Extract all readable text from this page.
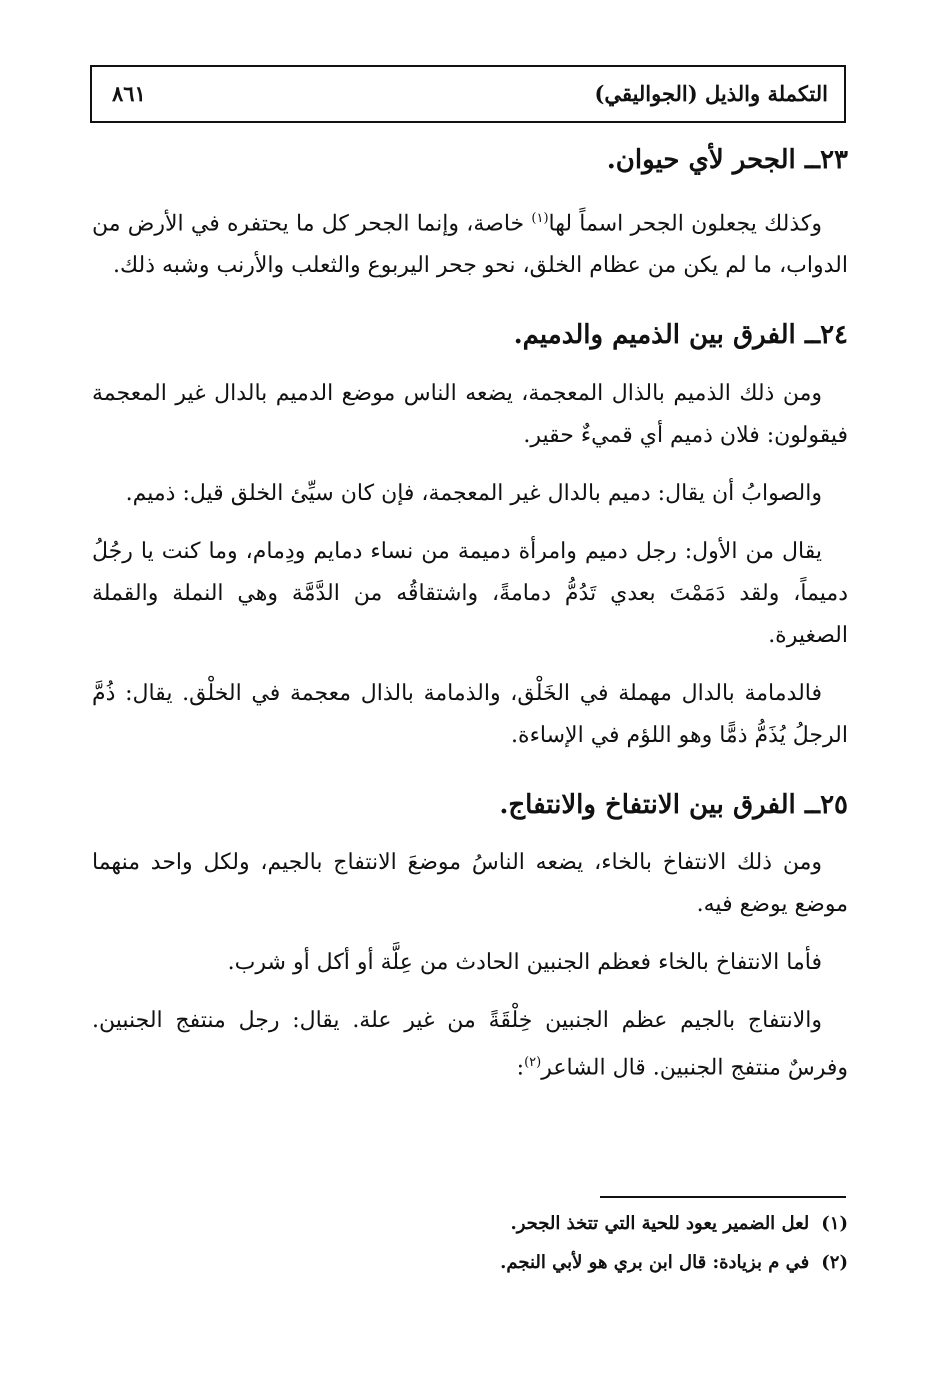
التكملة والذيل (الجواليقي)
٨٦١
٢٣ــ الجحر لأي حيوان.

وكذلك يجعلون الجحر اسماً لها$^{(١)}$ خاصة، وإنما الجحر كل ما يحتفره في الأرض من الدواب، ما لم يكن من عظام الخلق، نحو جحر اليربوع والثعلب والأرنب وشبه ذلك.

٢٤ــ الفرق بين الذميم والدميم.

ومن ذلك الذميم بالذال المعجمة، يضعه الناس موضع الدميم بالدال غير المعجمة فيقولون: فلان ذميم أي قميءٌ حقير.

والصوابُ أن يقال: دميم بالدال غير المعجمة، فإن كان سيِّئ الخلق قيل: ذميم.

يقال من الأول: رجل دميم وامرأة دميمة من نساء دمايم ودِمام، وما كنت يا رجُلُ دميماً، ولقد دَمَمْتَ بعدي تَدُمُّ دمامةً، واشتقاقُه من الدَّمَّة وهي النملة والقملة الصغيرة.

فالدمامة بالدال مهملة في الخَلْق، والذمامة بالذال معجمة في الخلْق. يقال: ذُمَّ الرجلُ يُذَمُّ ذمًّا وهو اللؤم في الإساءة.

٢٥ــ الفرق بين الانتفاخ والانتفاج.

ومن ذلك الانتفاخ بالخاء، يضعه الناسُ موضعَ الانتفاج بالجيم، ولكل واحد منهما موضع يوضع فيه.

فأما الانتفاخ بالخاء فعظم الجنبين الحادث من عِلَّة أو أكل أو شرب.

والانتفاج بالجيم عظم الجنبين خِلْقَةً من غير علة. يقال: رجل منتفج الجنبين. وفرسٌ منتفج الجنبين. قال الشاعر$^{(٢)}$:

(١)لعل الضمير يعود للحية التي تتخذ الجحر.

(٢)في م بزيادة: قال ابن بري هو لأبي النجم.
